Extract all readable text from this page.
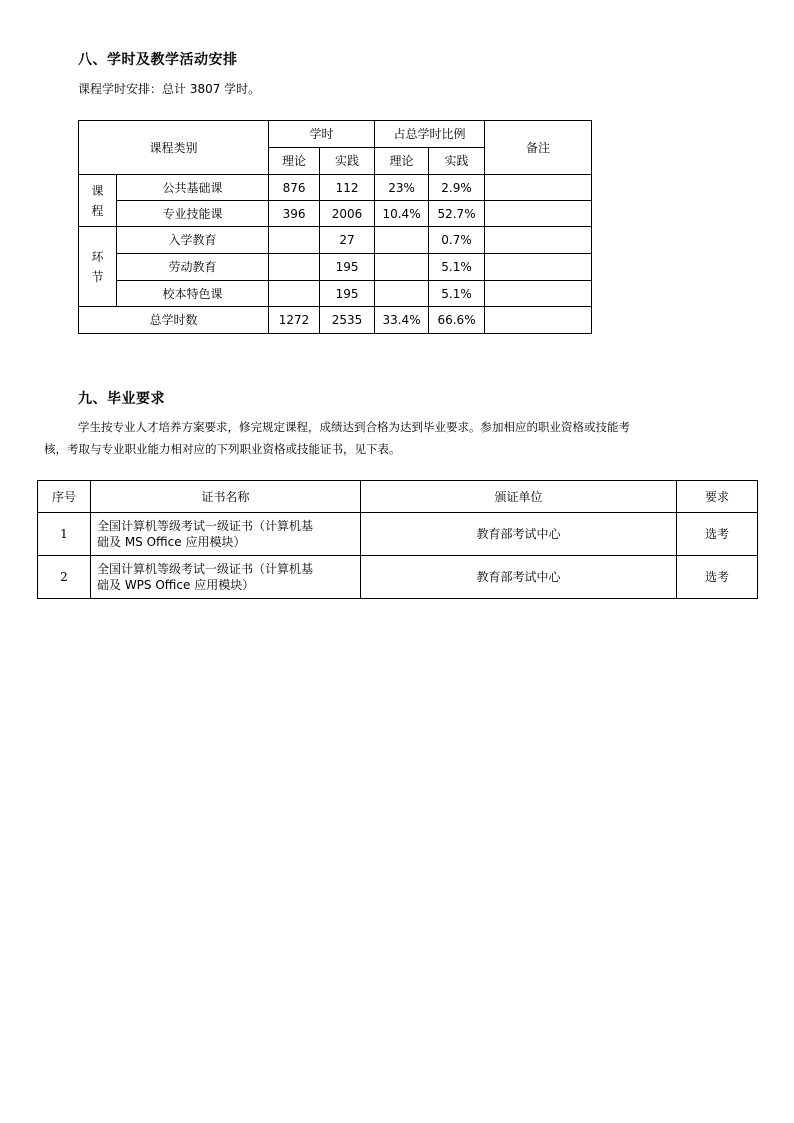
八、学时及教学活动安排
课程学时安排：总计 3807 学时。
课程类别		学时		占总学时比例		备注
		理论	实践	理论	实践	

课
程	公共基础课	876	112	23%	2.9%	
	专业技能课	396	2006	10.4%	52.7%	

环
节	入学教育		27		0.7%	
	劳动教育		195		5.1%	
	校本特色课		195		5.1%	
总学时数		1272	2535	33.4%	66.6%	
九、毕业要求
学生按专业人才培养方案要求，修完规定课程，成绩达到合格为达到毕业要求。参加相应的职业资格或技能考
核，考取与专业职业能力相对应的下列职业资格或技能证书，见下表。
序号	证书名称	颁证单位	要求
1	全国计算机等级考试一级证书（计算机基
础及 MS Office 应用模块）	教育部考试中心	选考
2	全国计算机等级考试一级证书（计算机基
础及 WPS Office 应用模块）	教育部考试中心	选考
